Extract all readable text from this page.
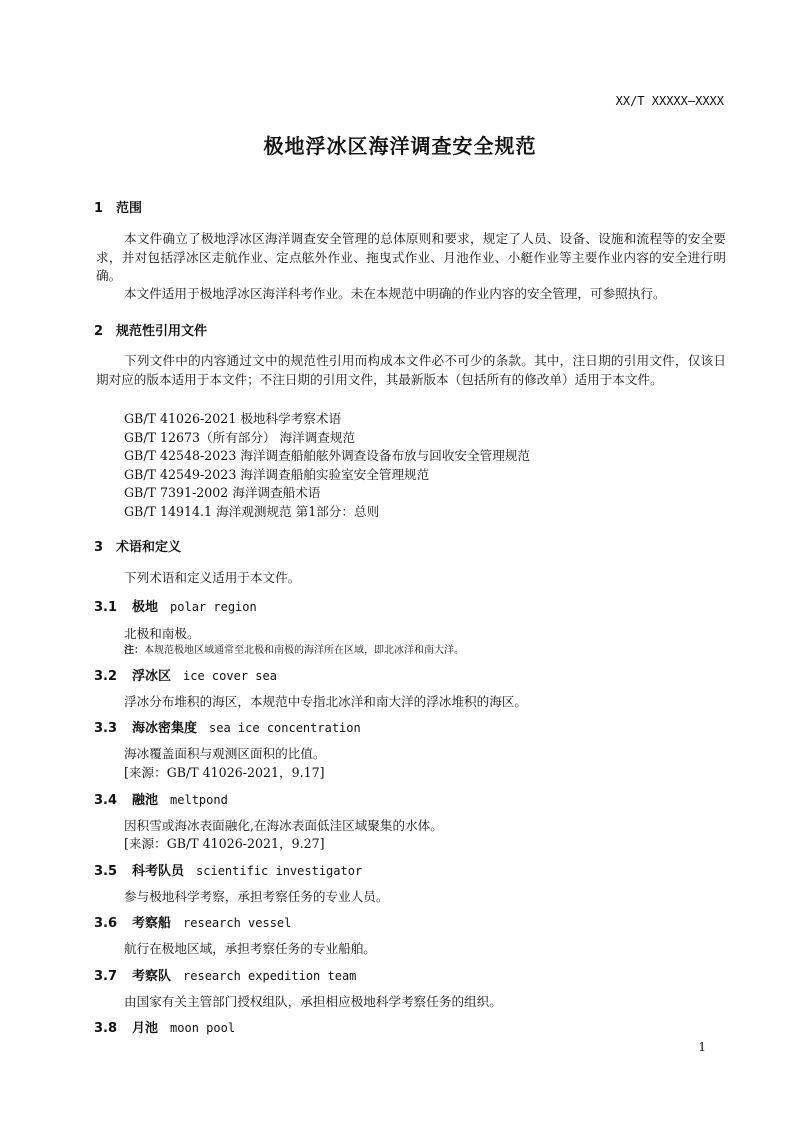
XX/T XXXXX—XXXX
极地浮冰区海洋调查安全规范
1 范围
本文件确立了极地浮冰区海洋调查安全管理的总体原则和要求，规定了人员、设备、设施和流程等的安全要求，并对包括浮冰区走航作业、定点舷外作业、拖曳式作业、月池作业、小艇作业等主要作业内容的安全进行明确。
本文件适用于极地浮冰区海洋科考作业。未在本规范中明确的作业内容的安全管理，可参照执行。
2 规范性引用文件
下列文件中的内容通过文中的规范性引用而构成本文件必不可少的条款。其中，注日期的引用文件，仅该日期对应的版本适用于本文件；不注日期的引用文件，其最新版本（包括所有的修改单）适用于本文件。
GB/T 41026-2021 极地科学考察术语
GB/T 12673（所有部分） 海洋调查规范
GB/T 42548-2023 海洋调查船舶舷外调查设备布放与回收安全管理规范
GB/T 42549-2023 海洋调查船舶实验室安全管理规范
GB/T 7391-2002 海洋调查船术语
GB/T 14914.1 海洋观测规范 第1部分：总则
3 术语和定义
下列术语和定义适用于本文件。
3.1 极地 polar region
北极和南极。
注：本规范极地区域通常至北极和南极的海洋所在区域，即北冰洋和南大洋。
3.2 浮冰区 ice cover sea
浮冰分布堆积的海区，本规范中专指北冰洋和南大洋的浮冰堆积的海区。
3.3 海冰密集度 sea ice concentration
海冰覆盖面积与观测区面积的比值。
[来源：GB/T 41026-2021，9.17]
3.4 融池 meltpond
因积雪或海冰表面融化,在海冰表面低洼区域聚集的水体。
[来源：GB/T 41026-2021，9.27]
3.5 科考队员 scientific investigator
参与极地科学考察，承担考察任务的专业人员。
3.6 考察船 research vessel
航行在极地区域，承担考察任务的专业船舶。
3.7 考察队 research expedition team
由国家有关主管部门授权组队，承担相应极地科学考察任务的组织。
3.8 月池 moon pool
1
